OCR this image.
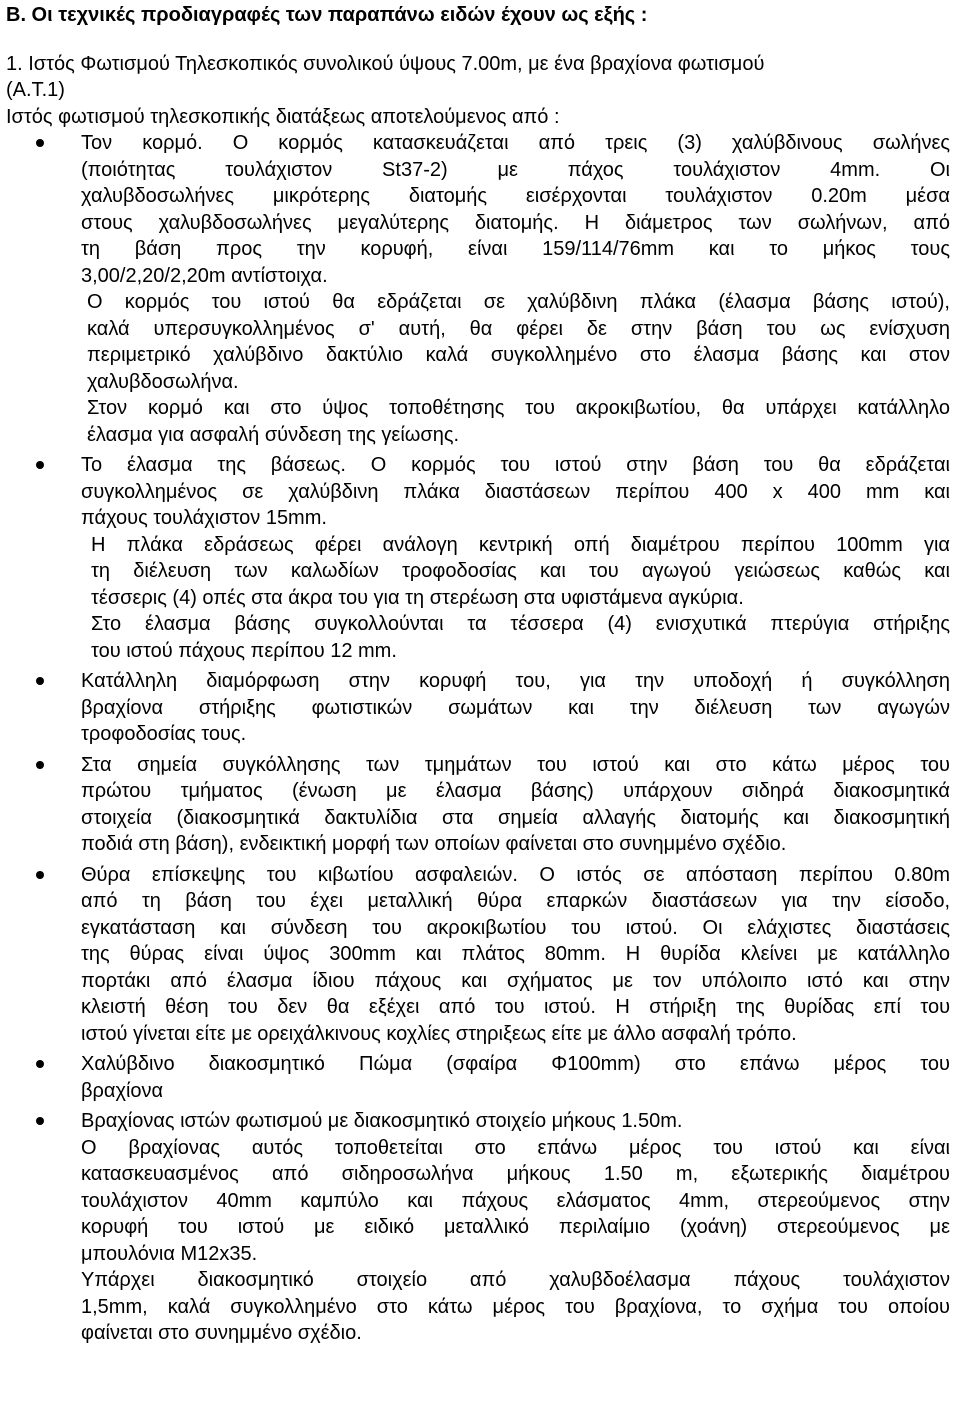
B. Οι τεχνικές προδιαγραφές των παραπάνω ειδών έχουν ως εξής :

1. Ιστός Φωτισμού Τηλεσκοπικός συνολικού ύψους 7.00m, με ένα βραχίονα φωτισμού

(Α.Τ.1)

Ιστός φωτισμού τηλεσκοπικής διατάξεως αποτελούμενος από :

Τον κορμό. Ο κορμός κατασκευάζεται από τρεις (3) χαλύβδινους σωλήνες

(ποιότητας τουλάχιστον St37-2) με πάχος τουλάχιστον 4mm. Οι

χαλυβδοσωλήνες μικρότερης διατομής εισέρχονται τουλάχιστον 0.20m μέσα

στους χαλυβδοσωλήνες μεγαλύτερης διατομής. Η διάμετρος των σωλήνων, από

τη βάση προς την κορυφή, είναι 159/114/76mm και το μήκος τους

3,00/2,20/2,20m αντίστοιχα.

Ο κορμός του ιστού θα εδράζεται σε χαλύβδινη πλάκα (έλασμα βάσης ιστού),

καλά υπερσυγκολλημένος σ' αυτή, θα φέρει δε στην βάση του ως ενίσχυση

περιμετρικό χαλύβδινο δακτύλιο καλά συγκολλημένο στο έλασμα βάσης και στον

χαλυβδοσωλήνα.

Στον κορμό και στο ύψος τοποθέτησης του ακροκιβωτίου, θα υπάρχει κατάλληλο

έλασμα για ασφαλή σύνδεση της γείωσης.

Το έλασμα της βάσεως. Ο κορμός του ιστού στην βάση του θα εδράζεται

συγκολλημένος σε χαλύβδινη πλάκα διαστάσεων περίπου 400 x 400 mm και

πάχους τουλάχιστον 15mm.

Η πλάκα εδράσεως φέρει ανάλογη κεντρική οπή διαμέτρου περίπου 100mm για

τη διέλευση των καλωδίων τροφοδοσίας και του αγωγού γειώσεως καθώς και

τέσσερις (4) οπές στα άκρα του για τη στερέωση στα υφιστάμενα αγκύρια.

Στο έλασμα βάσης συγκολλούνται τα τέσσερα (4) ενισχυτικά πτερύγια στήριξης

του ιστού πάχους περίπου 12 mm.

Κατάλληλη διαμόρφωση στην κορυφή του, για την υποδοχή ή συγκόλληση

βραχίονα στήριξης φωτιστικών σωμάτων και την διέλευση των αγωγών

τροφοδοσίας τους.

Στα σημεία συγκόλλησης των τμημάτων του ιστού και στο κάτω μέρος του

πρώτου τμήματος (ένωση με έλασμα βάσης) υπάρχουν σιδηρά διακοσμητικά

στοιχεία (διακοσμητικά δακτυλίδια στα σημεία αλλαγής διατομής και διακοσμητική

ποδιά στη βάση), ενδεικτική μορφή των οποίων φαίνεται στο συνημμένο σχέδιο.

Θύρα επίσκεψης του κιβωτίου ασφαλειών. Ο ιστός σε απόσταση περίπου 0.80m

από τη βάση του έχει μεταλλική θύρα επαρκών διαστάσεων για την είσοδο,

εγκατάσταση και σύνδεση του ακροκιβωτίου του ιστού. Οι ελάχιστες διαστάσεις

της θύρας είναι ύψος 300mm και πλάτος 80mm. Η θυρίδα κλείνει με κατάλληλο

πορτάκι από έλασμα ίδιου πάχους και σχήματος με τον υπόλοιπο ιστό και στην

κλειστή θέση του δεν θα εξέχει από του ιστού. Η στήριξη της θυρίδας επί του

ιστού γίνεται είτε με ορειχάλκινους κοχλίες στηριξεως είτε με άλλο ασφαλή τρόπο.

Χαλύβδινο διακοσμητικό Πώμα (σφαίρα Φ100mm) στο επάνω μέρος του

βραχίονα

Βραχίονας ιστών φωτισμού με διακοσμητικό στοιχείο μήκους 1.50m.

Ο βραχίονας αυτός τοποθετείται στο επάνω μέρος του ιστού και είναι

κατασκευασμένος από σιδηροσωλήνα μήκους 1.50 m, εξωτερικής διαμέτρου

τουλάχιστον 40mm καμπύλο και πάχους ελάσματος 4mm, στερεούμενος στην

κορυφή του ιστού με ειδικό μεταλλικό περιλαίμιο (χοάνη) στερεούμενος με

μπουλόνια Μ12x35.

Υπάρχει διακοσμητικό στοιχείο από χαλυβδοέλασμα πάχους τουλάχιστον

1,5mm, καλά συγκολλημένο στο κάτω μέρος του βραχίονα, το σχήμα του οποίου

φαίνεται στο συνημμένο σχέδιο.
